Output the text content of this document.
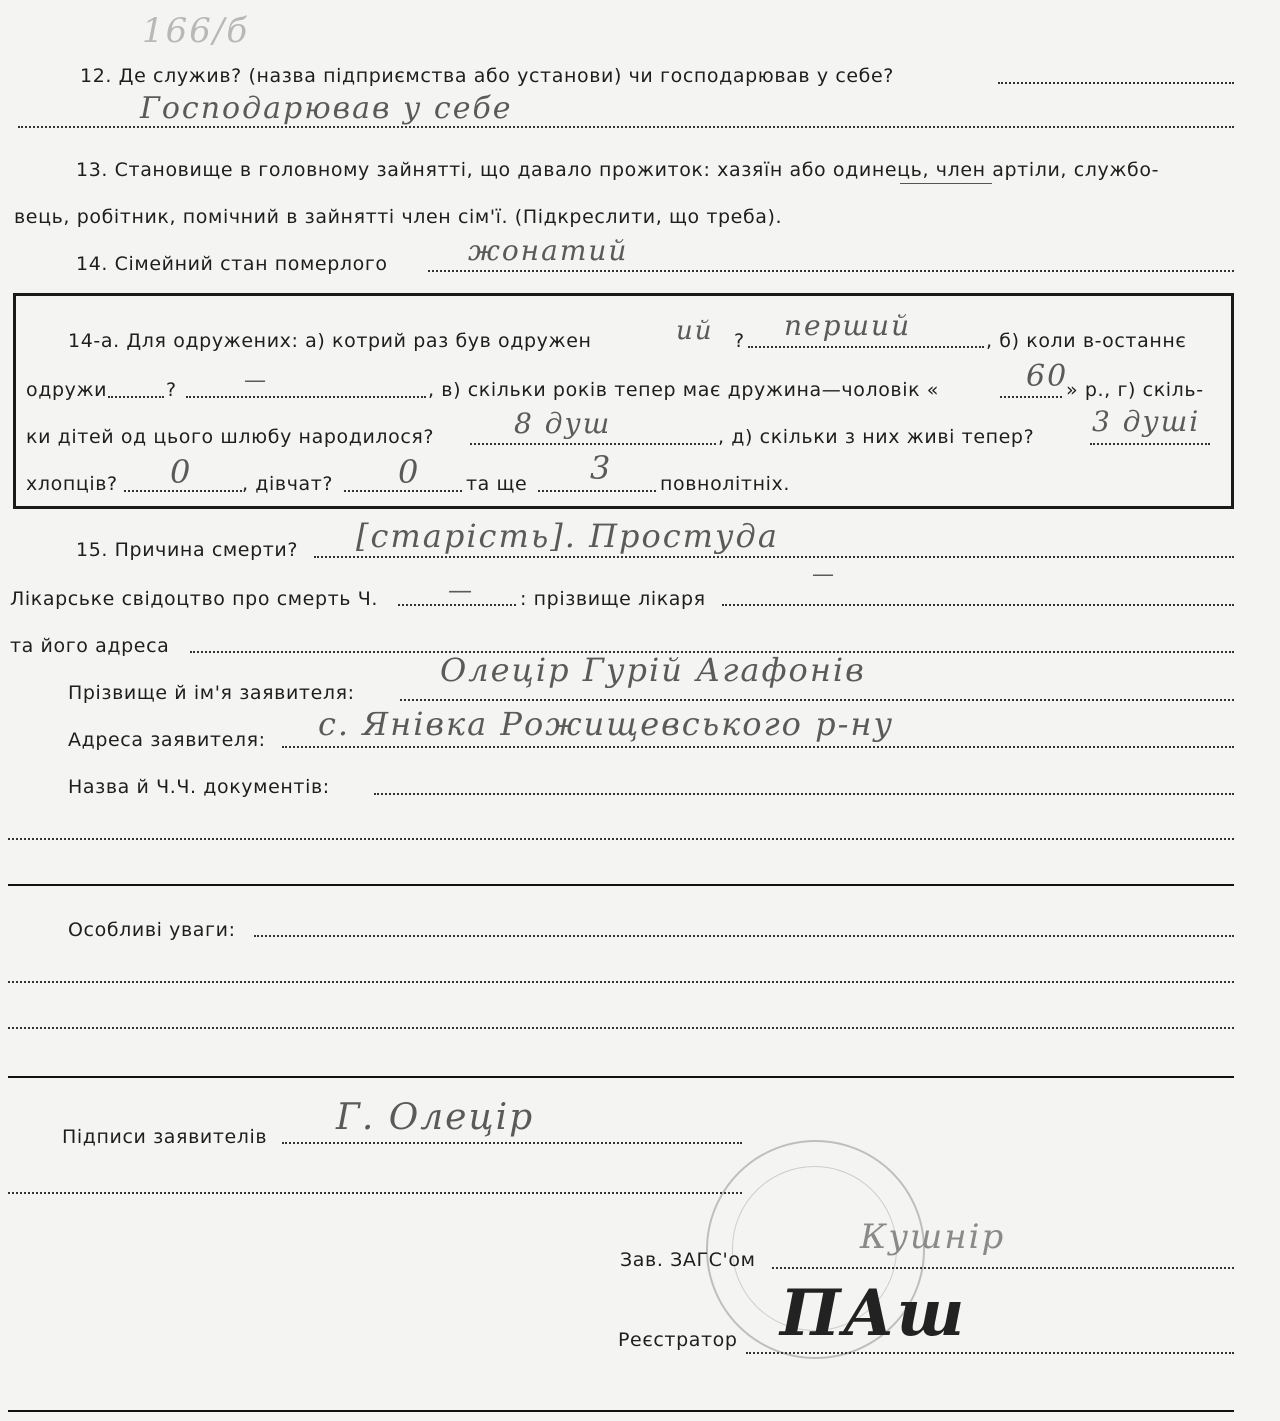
166/б
12. Де служив? (назва підприємства або установи) чи господарював у себе?
Господарював у себе
13. Становище в головному зайнятті, що давало прожиток: хазяїн або одинець, член артіли, службо-
вець, робітник, помічний в зайнятті член сім'ї. (Підкреслити, що треба).
14. Сімейний стан померлого	жонатий
14-а. Для одружених: а) котрий раз був одружен	ий ? перший	, б) коли в-останнє
одружи	?	—	, в) скільки років тепер має дружина—чоловік «	60
» р., г) скіль-
ки дітей од цього шлюбу народилося?	8 душ	, д) скільки з них живі тепер? 3 душі
хлопців? 0	, дівчат? 0 та ще 3	повнолітніх.
15. Причина смерти? [старість]. Простуда
Лікарське свідоцтво про смерть Ч.	— : прізвище лікаря
—
та його адреса
Прізвище й ім'я заявителя:
Олецір Гурій Агафонів
Адреса заявителя: с. Янівка Рожищевського р-ну
Назва й Ч.Ч. документів:
Особливі уваги:
Підписи заявителів Г. Олецір
Зав. ЗАГС'ом
Кушнір
Реєстратор ПАш
